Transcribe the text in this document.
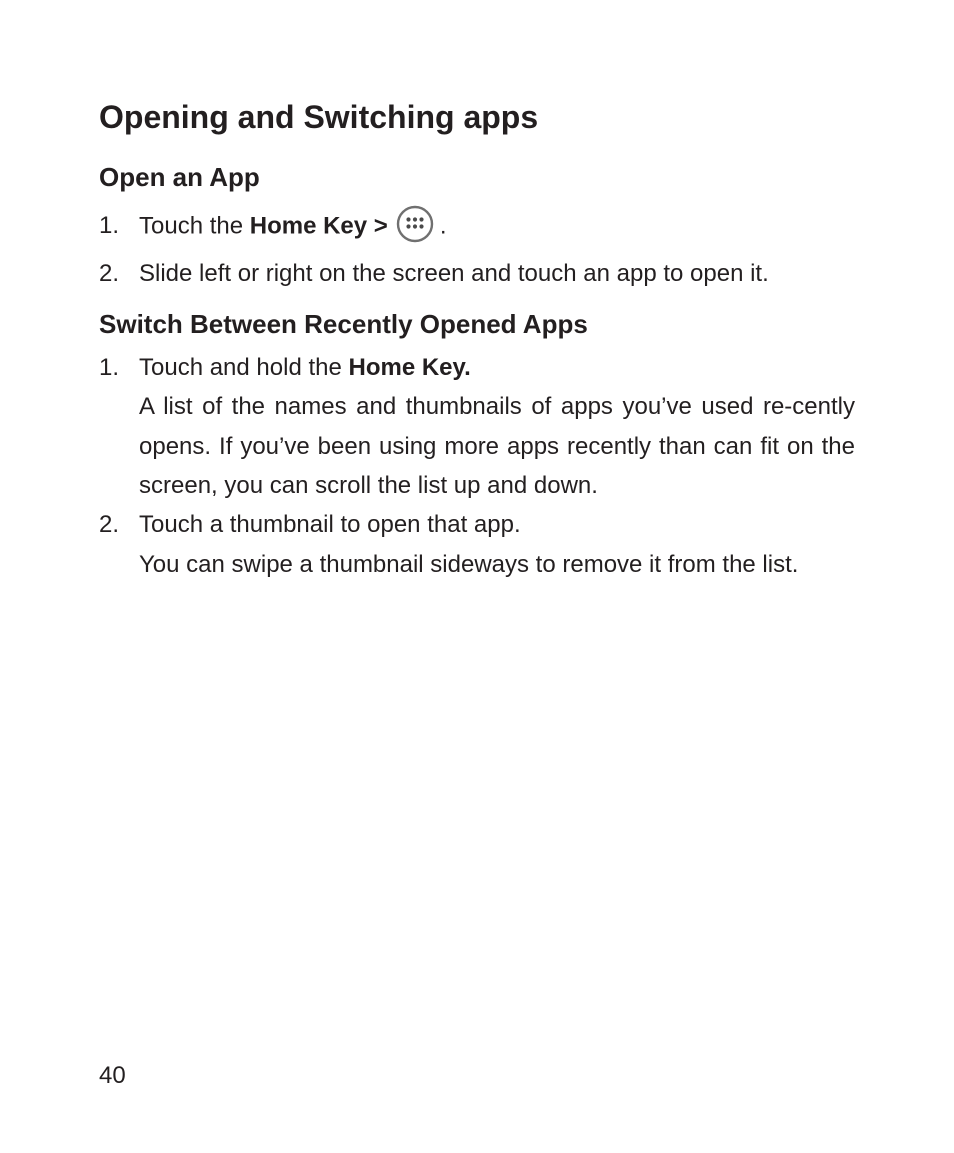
Opening and Switching apps
Open an App
1. Touch the Home Key > .
2. Slide left or right on the screen and touch an app to open it.
Switch Between Recently Opened Apps
1. Touch and hold the Home Key.
A list of the names and thumbnails of apps you’ve used re-cently opens. If you’ve been using more apps recently than can fit on the screen, you can scroll the list up and down.
2. Touch a thumbnail to open that app.
You can swipe a thumbnail sideways to remove it from the list.
40
